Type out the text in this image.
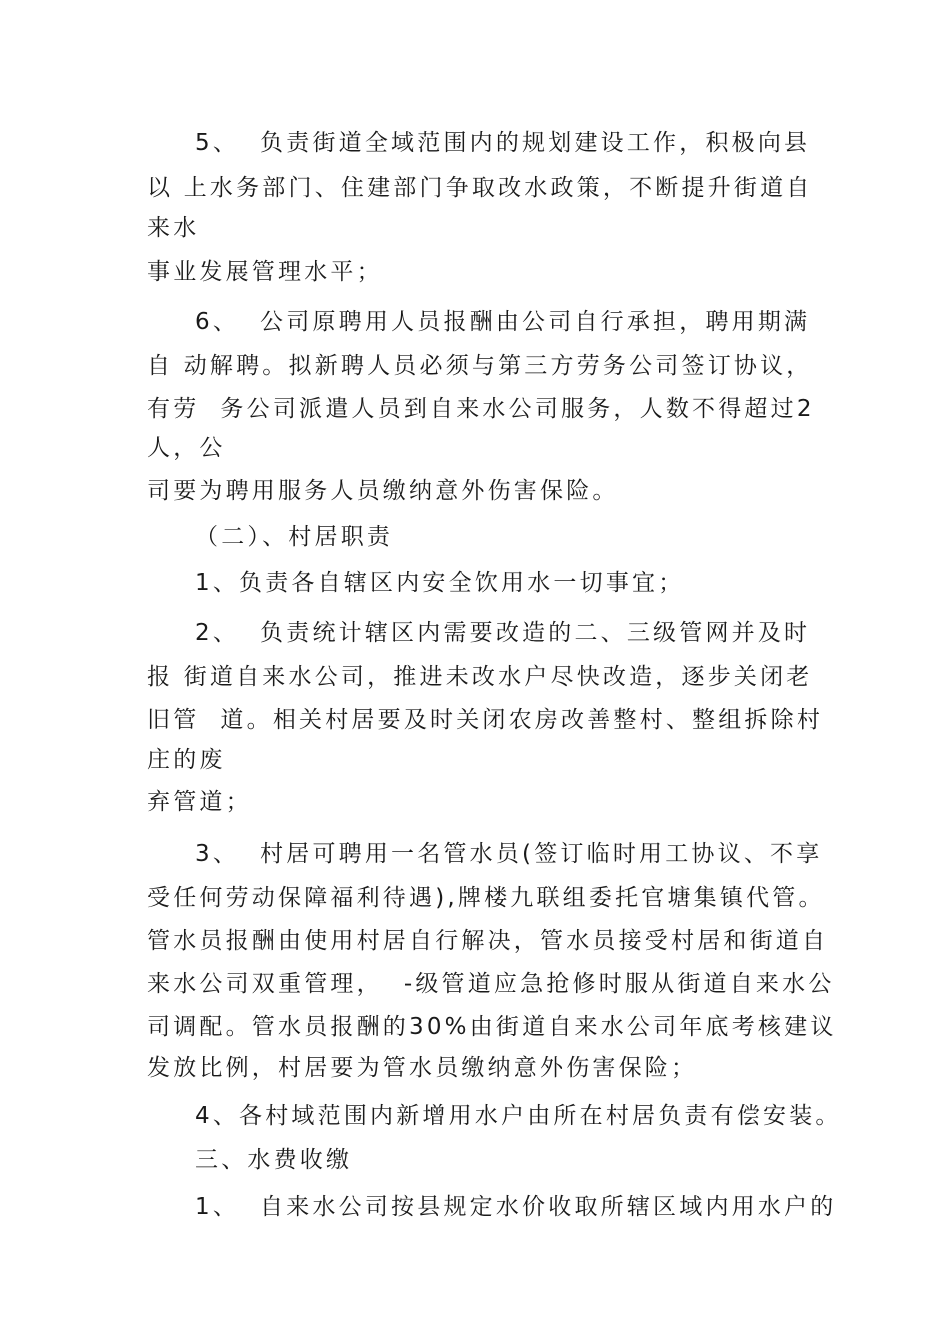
5、  负责街道全域范围内的规划建设工作，积极向县
以 上水务部门、住建部门争取改水政策，不断提升街道自
来水
事业发展管理水平；
6、  公司原聘用人员报酬由公司自行承担，聘用期满
自 动解聘。拟新聘人员必须与第三方劳务公司签订协议，
有劳  务公司派遣人员到自来水公司服务，人数不得超过2
人，公
司要为聘用服务人员缴纳意外伤害保险。
（二）、村居职责
1、负责各自辖区内安全饮用水一切事宜；
2、  负责统计辖区内需要改造的二、三级管网并及时
报 街道自来水公司，推进未改水户尽快改造，逐步关闭老
旧管  道。相关村居要及时关闭农房改善整村、整组拆除村
庄的废
弃管道；
3、  村居可聘用一名管水员(签订临时用工协议、不享
受任何劳动保障福利待遇),牌楼九联组委托官塘集镇代管。
管水员报酬由使用村居自行解决，管水员接受村居和街道自
来水公司双重管理，  -级管道应急抢修时服从街道自来水公
司调配。管水员报酬的30%由街道自来水公司年底考核建议
发放比例，村居要为管水员缴纳意外伤害保险；
4、各村域范围内新增用水户由所在村居负责有偿安装。
三、水费收缴
1、  自来水公司按县规定水价收取所辖区域内用水户的
